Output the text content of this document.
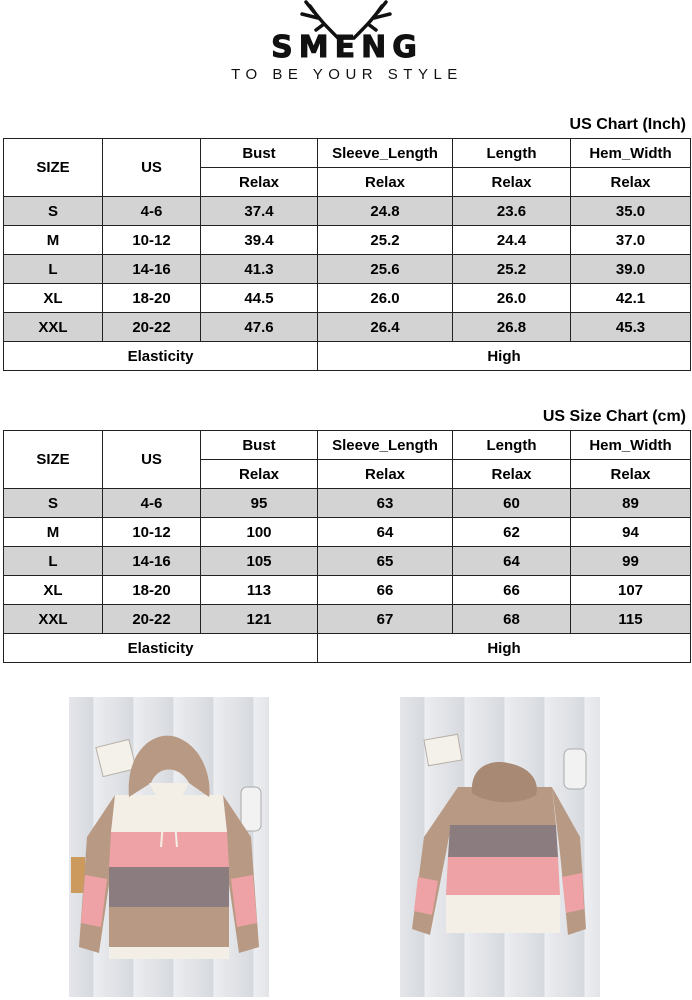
SMENG
TO BE YOUR STYLE
US Chart (Inch)
SIZE	US	Bust	Sleeve_Length	Length	Hem_Width
		Relax	Relax	Relax	Relax
S	4-6	37.4	24.8	23.6	35.0
M	10-12	39.4	25.2	24.4	37.0
L	14-16	41.3	25.6	25.2	39.0
XL	18-20	44.5	26.0	26.0	42.1
XXL	20-22	47.6	26.4	26.8	45.3
Elasticity			High		
US Size Chart (cm)
SIZE	US	Bust	Sleeve_Length	Length	Hem_Width
		Relax	Relax	Relax	Relax
S	4-6	95	63	60	89
M	10-12	100	64	62	94
L	14-16	105	65	64	99
XL	18-20	113	66	66	107
XXL	20-22	121	67	68	115
Elasticity			High		
